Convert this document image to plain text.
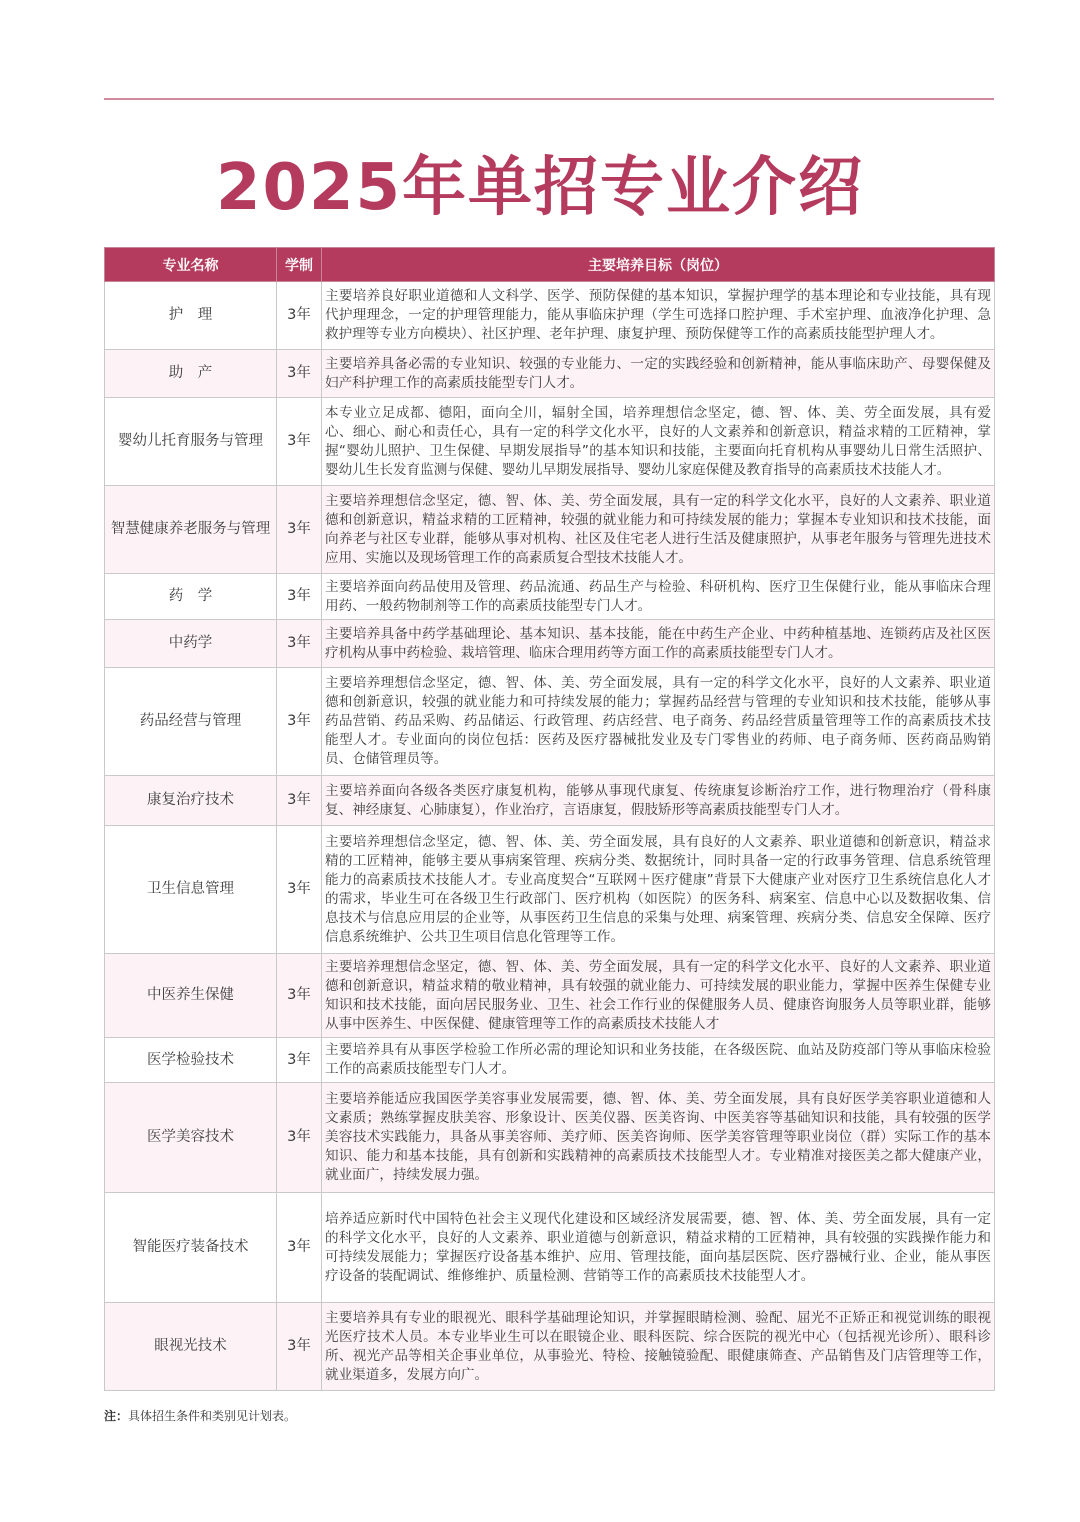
2025年单招专业介绍
专业名称	学制	主要培养目标（岗位）
护　理	3年	主要培养良好职业道德和人文科学、医学、预防保健的基本知识，掌握护理学的基本理论和专业技能，具有现代护理理念，一定的护理管理能力，能从事临床护理（学生可选择口腔护理、手术室护理、血液净化护理、急救护理等专业方向模块）、社区护理、老年护理、康复护理、预防保健等工作的高素质技能型护理人才。
助　产	3年	主要培养具备必需的专业知识、较强的专业能力、一定的实践经验和创新精神，能从事临床助产、母婴保健及妇产科护理工作的高素质技能型专门人才。
婴幼儿托育服务与管理	3年	本专业立足成都、德阳，面向全川，辐射全国，培养理想信念坚定，德、智、体、美、劳全面发展，具有爱心、细心、耐心和责任心，具有一定的科学文化水平，良好的人文素养和创新意识，精益求精的工匠精神，掌握“婴幼儿照护、卫生保健、早期发展指导”的基本知识和技能，主要面向托育机构从事婴幼儿日常生活照护、婴幼儿生长发育监测与保健、婴幼儿早期发展指导、婴幼儿家庭保健及教育指导的高素质技术技能人才。
智慧健康养老服务与管理	3年	主要培养理想信念坚定，德、智、体、美、劳全面发展，具有一定的科学文化水平，良好的人文素养、职业道德和创新意识，精益求精的工匠精神，较强的就业能力和可持续发展的能力；掌握本专业知识和技术技能，面向养老与社区专业群，能够从事对机构、社区及住宅老人进行生活及健康照护，从事老年服务与管理先进技术应用、实施以及现场管理工作的高素质复合型技术技能人才。
药　学	3年	主要培养面向药品使用及管理、药品流通、药品生产与检验、科研机构、医疗卫生保健行业，能从事临床合理用药、一般药物制剂等工作的高素质技能型专门人才。
中药学	3年	主要培养具备中药学基础理论、基本知识、基本技能，能在中药生产企业、中药种植基地、连锁药店及社区医疗机构从事中药检验、栽培管理、临床合理用药等方面工作的高素质技能型专门人才。
药品经营与管理	3年	主要培养理想信念坚定，德、智、体、美、劳全面发展，具有一定的科学文化水平，良好的人文素养、职业道德和创新意识，较强的就业能力和可持续发展的能力；掌握药品经营与管理的专业知识和技术技能，能够从事药品营销、药品采购、药品储运、行政管理、药店经营、电子商务、药品经营质量管理等工作的高素质技术技能型人才。专业面向的岗位包括：医药及医疗器械批发业及专门零售业的药师、电子商务师、医药商品购销员、仓储管理员等。
康复治疗技术	3年	主要培养面向各级各类医疗康复机构，能够从事现代康复、传统康复诊断治疗工作，进行物理治疗（骨科康复、神经康复、心肺康复），作业治疗，言语康复，假肢矫形等高素质技能型专门人才。
卫生信息管理	3年	主要培养理想信念坚定，德、智、体、美、劳全面发展，具有良好的人文素养、职业道德和创新意识，精益求精的工匠精神，能够主要从事病案管理、疾病分类、数据统计，同时具备一定的行政事务管理、信息系统管理能力的高素质技术技能人才。专业高度契合“互联网＋医疗健康”背景下大健康产业对医疗卫生系统信息化人才的需求，毕业生可在各级卫生行政部门、医疗机构（如医院）的医务科、病案室、信息中心以及数据收集、信息技术与信息应用层的企业等，从事医药卫生信息的采集与处理、病案管理、疾病分类、信息安全保障、医疗信息系统维护、公共卫生项目信息化管理等工作。
中医养生保健	3年	主要培养理想信念坚定，德、智、体、美、劳全面发展，具有一定的科学文化水平、良好的人文素养、职业道德和创新意识，精益求精的敬业精神，具有较强的就业能力、可持续发展的职业能力，掌握中医养生保健专业知识和技术技能，面向居民服务业、卫生、社会工作行业的保健服务人员、健康咨询服务人员等职业群，能够从事中医养生、中医保健、健康管理等工作的高素质技术技能人才
医学检验技术	3年	主要培养具有从事医学检验工作所必需的理论知识和业务技能，在各级医院、血站及防疫部门等从事临床检验工作的高素质技能型专门人才。
医学美容技术	3年	主要培养能适应我国医学美容事业发展需要，德、智、体、美、劳全面发展，具有良好医学美容职业道德和人文素质；熟练掌握皮肤美容、形象设计、医美仪器、医美咨询、中医美容等基础知识和技能，具有较强的医学美容技术实践能力，具备从事美容师、美疗师、医美咨询师、医学美容管理等职业岗位（群）实际工作的基本知识、能力和基本技能，具有创新和实践精神的高素质技术技能型人才。专业精准对接医美之都大健康产业，就业面广，持续发展力强。
智能医疗装备技术	3年	培养适应新时代中国特色社会主义现代化建设和区域经济发展需要，德、智、体、美、劳全面发展，具有一定的科学文化水平，良好的人文素养、职业道德与创新意识，精益求精的工匠精神，具有较强的实践操作能力和可持续发展能力；掌握医疗设备基本维护、应用、管理技能，面向基层医院、医疗器械行业、企业，能从事医疗设备的装配调试、维修维护、质量检测、营销等工作的高素质技术技能型人才。
眼视光技术	3年	主要培养具有专业的眼视光、眼科学基础理论知识，并掌握眼睛检测、验配、屈光不正矫正和视觉训练的眼视光医疗技术人员。本专业毕业生可以在眼镜企业、眼科医院、综合医院的视光中心（包括视光诊所）、眼科诊所、视光产品等相关企事业单位，从事验光、特检、接触镜验配、眼健康筛查、产品销售及门店管理等工作，就业渠道多，发展方向广。
注：具体招生条件和类别见计划表。
